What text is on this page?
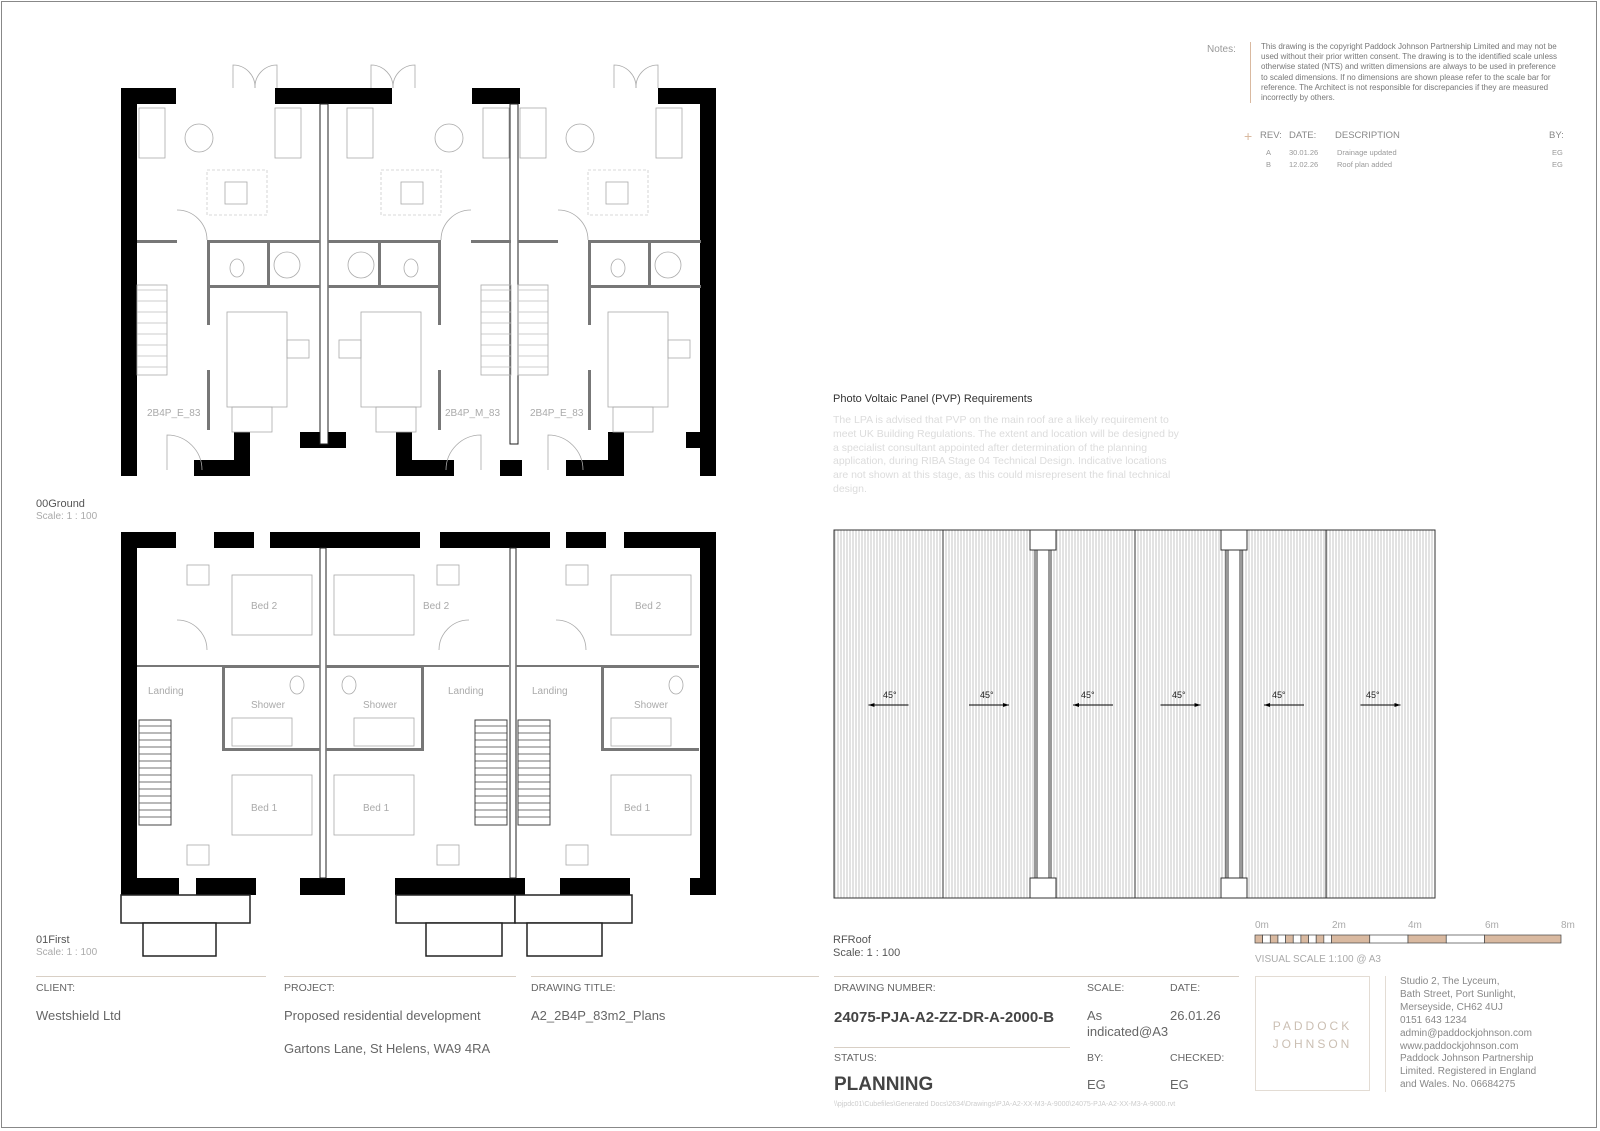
2B4P_E_83	2B4P_M_83	2B4P_E_83
Bed 2	Bed 2	Bed 2
Landing	Landing	Landing
Shower	Shower	Shower
Bed 1	Bed 1	Bed 1
45°	45°	45°	45°	45°	45°
Notes:	This drawing is the copyright Paddock Johnson Partnership Limited and may not be used without their prior written consent. The drawing is to the identified scale unless otherwise stated (NTS) and written dimensions are always to be used in preference to scaled dimensions. If no dimensions are shown please refer to the scale bar for reference. The Architect is not responsible for discrepancies if they are measured incorrectly by others.
+ REV: DATE: DESCRIPTION	BY:
A 30.01.26	Drainage updated	EG
B 12.02.26	Roof plan added	EG
Photo Voltaic Panel (PVP) Requirements
The LPA is advised that PVP on the main roof are a likely requirement to meet UK Building Regulations. The extent and location will be designed by a specialist consultant appointed after determination of the planning application, during RIBA Stage 04 Technical Design. Indicative locations are not shown at this stage, as this could misrepresent the final technical design.
00Ground
Scale: 1 : 100
01First
Scale: 1 : 100
RFRoof
Scale: 1 : 100
0m	2m	4m	6m	8m
VISUAL SCALE 1:100 @ A3
CLIENT:
Westshield Ltd
PROJECT:
Proposed residential development
Gartons Lane, St Helens, WA9 4RA
DRAWING TITLE:
A2_2B4P_83m2_Plans
DRAWING NUMBER:
24075-PJA-A2-ZZ-DR-A-2000-B
SCALE:
As indicated@A3
DATE:
26.01.26
STATUS:
PLANNING
BY:
EG
CHECKED:
EG
\\pjpdc01\Cubefiles\Generated Docs\2634\Drawings\PJA-A2-XX-M3-A-9000\24075-PJA-A2-XX-M3-A-9000.rvt
PADDOCK
JOHNSON
Studio 2, The Lyceum,
Bath Street, Port Sunlight,
Merseyside, CH62 4UJ
0151 643 1234
admin@paddockjohnson.com
www.paddockjohnson.com
Paddock Johnson Partnership
Limited. Registered in England
and Wales. No. 06684275
